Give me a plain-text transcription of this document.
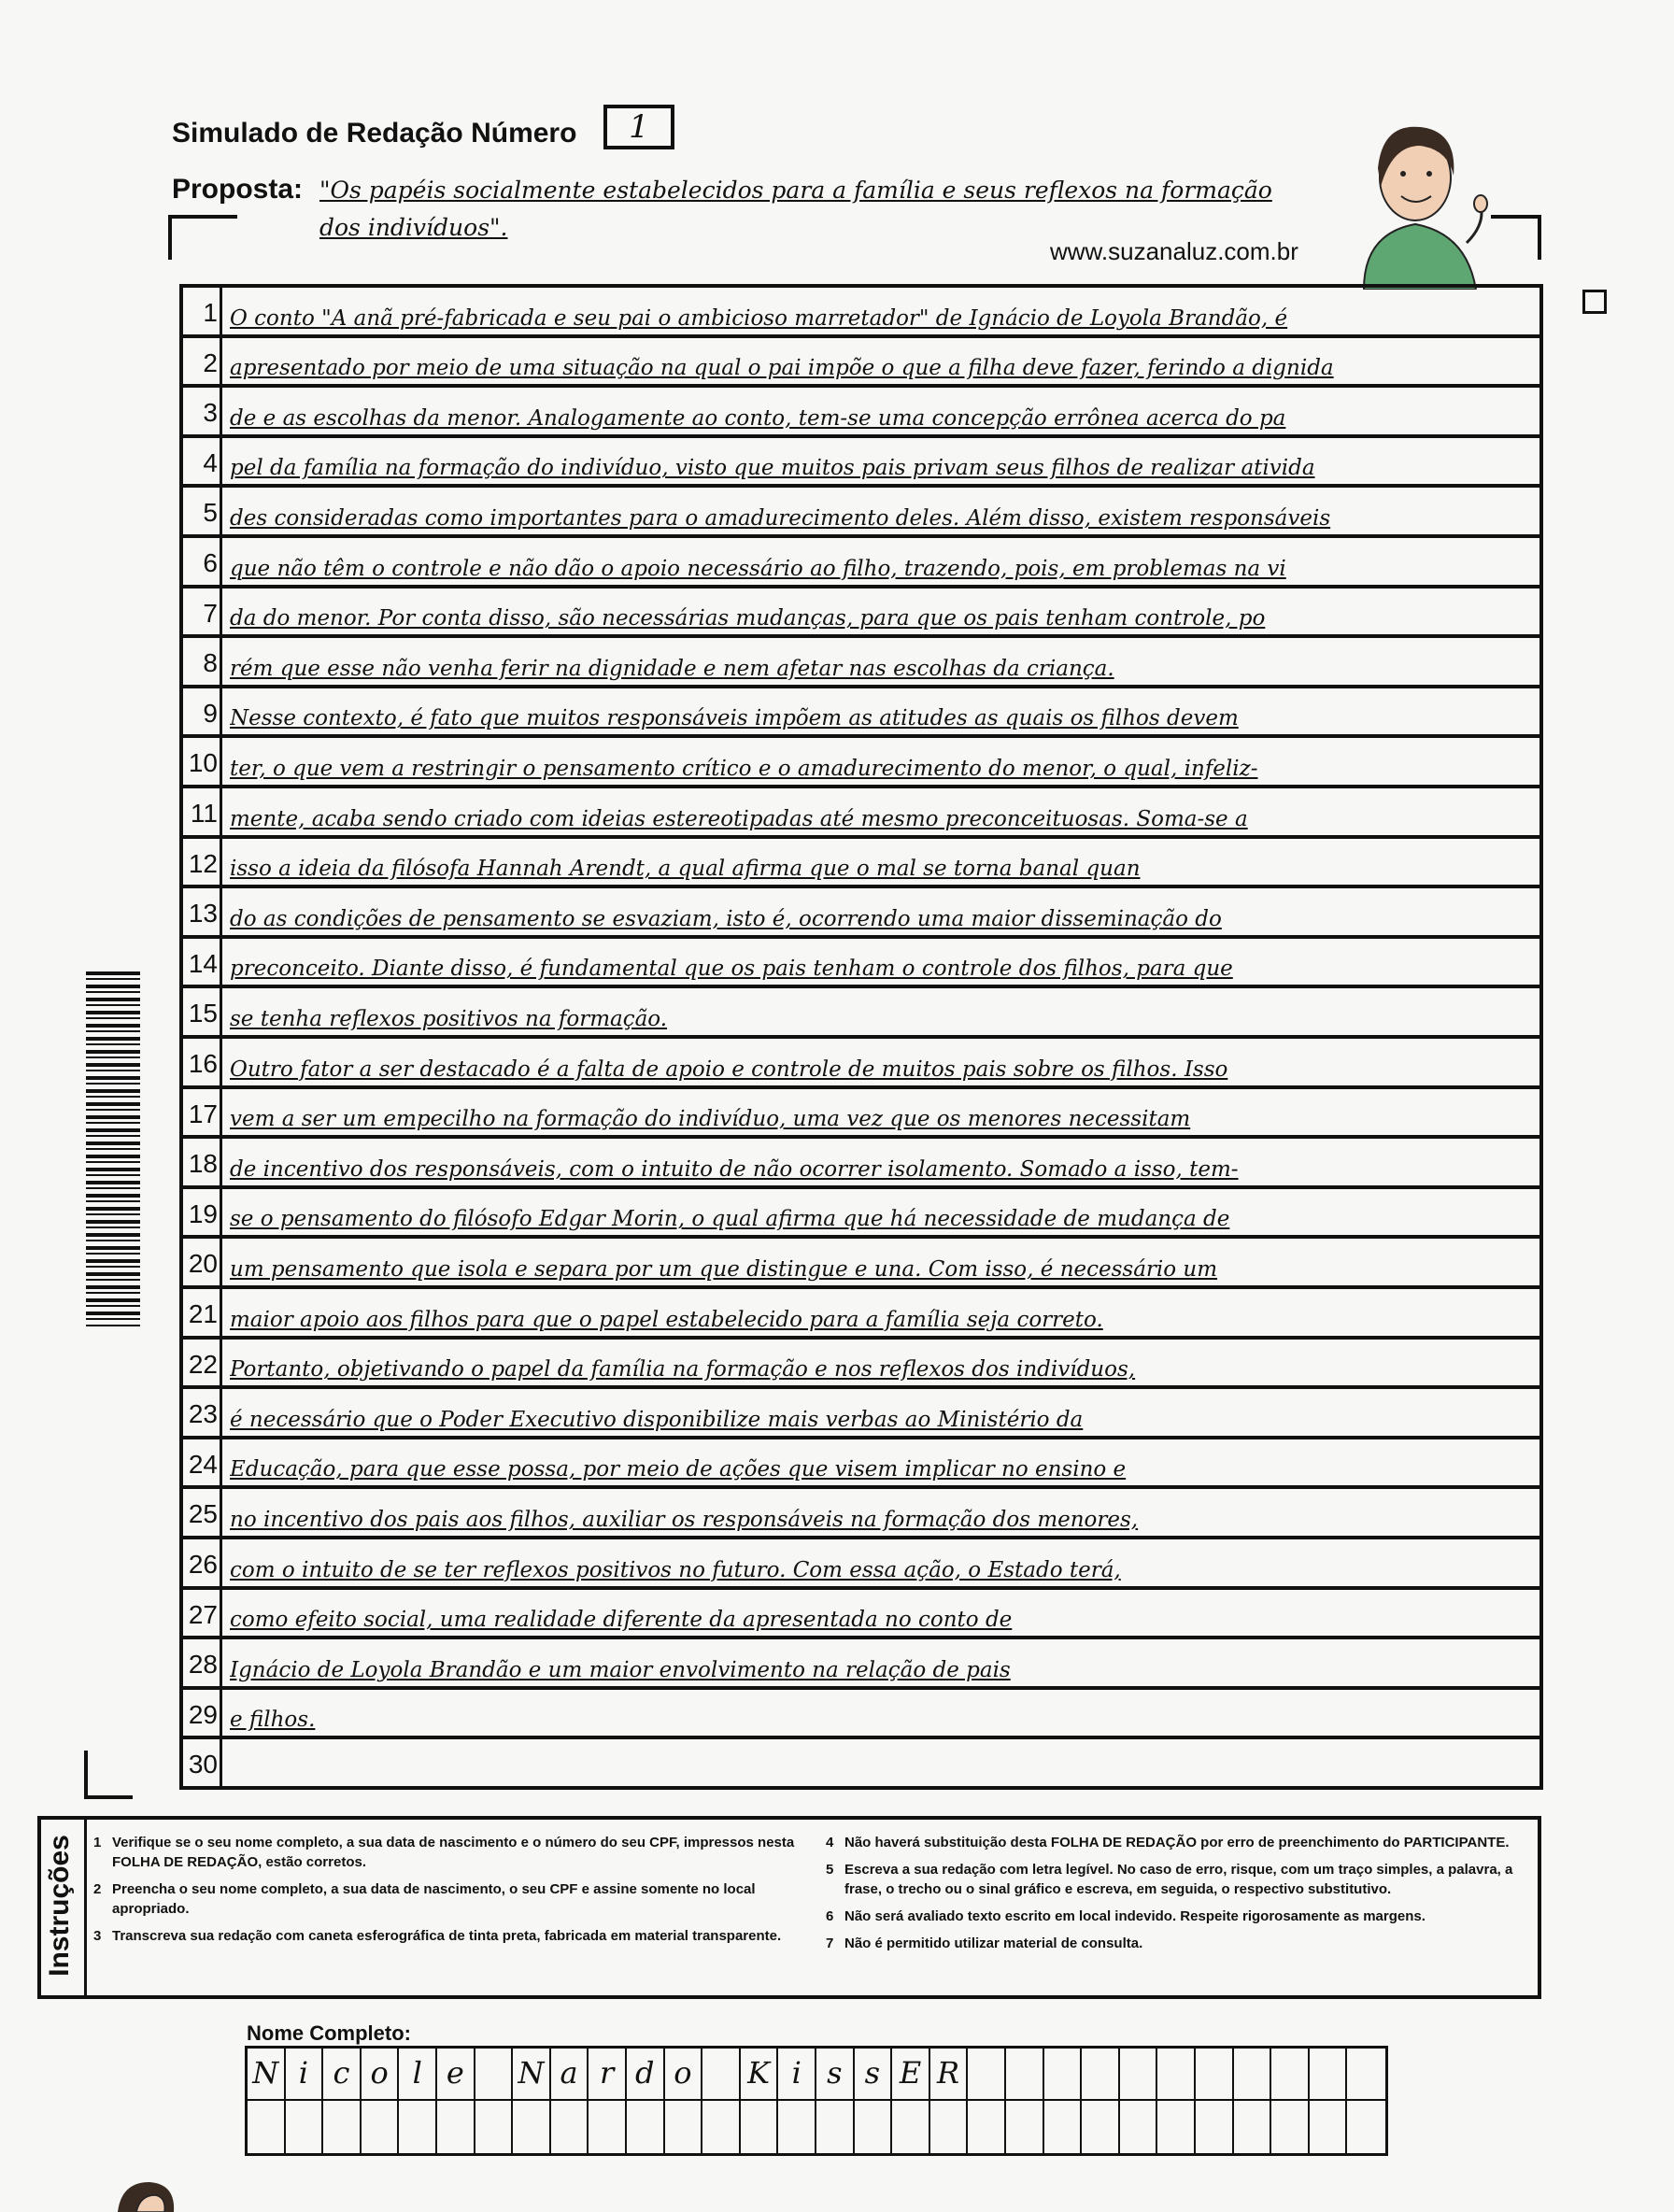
Simulado de Redação Número	1
Proposta: "Os papéis socialmente estabelecidos para a família e seus reflexos na formação dos indivíduos".
www.suzanaluz.com.br
1 O conto "A anã pré-fabricada e seu pai o ambicioso marretador" de Ignácio de Loyola Brandão, é
2 apresentado por meio de uma situação na qual o pai impõe o que a filha deve fazer, ferindo a dignida
3 de e as escolhas da menor. Analogamente ao conto, tem-se uma concepção errônea acerca do pa
4 pel da família na formação do indivíduo, visto que muitos pais privam seus filhos de realizar ativida
5 des consideradas como importantes para o amadurecimento deles. Além disso, existem responsáveis
6 que não têm o controle e não dão o apoio necessário ao filho, trazendo, pois, em problemas na vi
7 da do menor. Por conta disso, são necessárias mudanças, para que os pais tenham controle, po
8 rém que esse não venha ferir na dignidade e nem afetar nas escolhas da criança.
9 Nesse contexto, é fato que muitos responsáveis impõem as atitudes as quais os filhos devem
10 ter, o que vem a restringir o pensamento crítico e o amadurecimento do menor, o qual, infeliz-
11 mente, acaba sendo criado com ideias estereotipadas até mesmo preconceituosas. Soma-se a
12 isso a ideia da filósofa Hannah Arendt, a qual afirma que o mal se torna banal quan
13 do as condições de pensamento se esvaziam, isto é, ocorrendo uma maior disseminação do
14 preconceito. Diante disso, é fundamental que os pais tenham o controle dos filhos, para que
15 se tenha reflexos positivos na formação.
16 Outro fator a ser destacado é a falta de apoio e controle de muitos pais sobre os filhos. Isso
17 vem a ser um empecilho na formação do indivíduo, uma vez que os menores necessitam
18 de incentivo dos responsáveis, com o intuito de não ocorrer isolamento. Somado a isso, tem-
19 se o pensamento do filósofo Edgar Morin, o qual afirma que há necessidade de mudança de
20 um pensamento que isola e separa por um que distingue e una. Com isso, é necessário um
21 maior apoio aos filhos para que o papel estabelecido para a família seja correto.
22 Portanto, objetivando o papel da família na formação e nos reflexos dos indivíduos,
23 é necessário que o Poder Executivo disponibilize mais verbas ao Ministério da
24 Educação, para que esse possa, por meio de ações que visem implicar no ensino e
25 no incentivo dos pais aos filhos, auxiliar os responsáveis na formação dos menores,
26 com o intuito de se ter reflexos positivos no futuro. Com essa ação, o Estado terá,
27 como efeito social, uma realidade diferente da apresentada no conto de
28 Ignácio de Loyola Brandão e um maior envolvimento na relação de pais
29 e filhos.
30
Instruções 1 Verifique se o seu nome completo, a sua data de nascimento e o número do seu CPF, impressos nesta FOLHA DE REDAÇÃO, estão corretos.
2 Preencha o seu nome completo, a sua data de nascimento, o seu CPF e assine somente no local apropriado.
3 Transcreva sua redação com caneta esferográfica de tinta preta, fabricada em material transparente.
4 Não haverá substituição desta FOLHA DE REDAÇÃO por erro de preenchimento do PARTICIPANTE.
5 Escreva a sua redação com letra legível. No caso de erro, risque, com um traço simples, a palavra, a frase, o trecho ou o sinal gráfico e escreva, em seguida, o respectivo substitutivo.
6 Não será avaliado texto escrito em local indevido. Respeite rigorosamente as margens.
7 Não é permitido utilizar material de consulta.
Nome Completo:
N i c o l e	N a r d o	K i s s E R
